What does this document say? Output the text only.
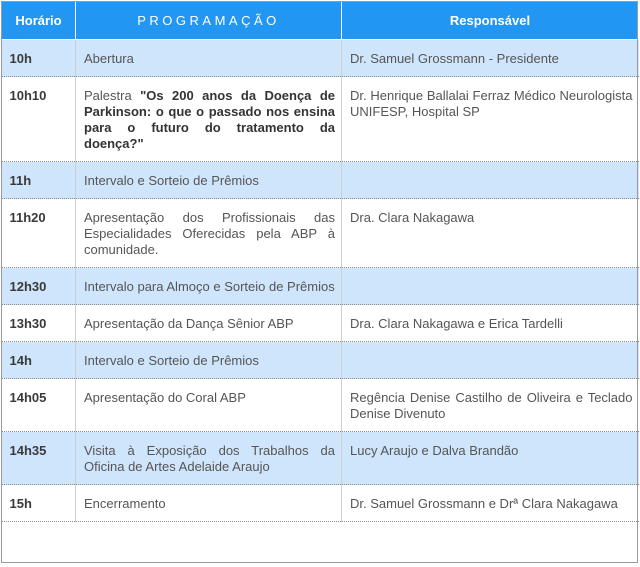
Horário	PROGRAMAÇÃO	Responsável
10h	Abertura	Dr. Samuel Grossmann - Presidente
10h10	Palestra "Os 200 anos da Doença de Parkinson: o que o passado nos ensina para o futuro do tratamento da doença?"	Dr. Henrique Ballalai Ferraz Médico Neurologista UNIFESP, Hospital SP
11h	Intervalo e Sorteio de Prêmios	
11h20	Apresentação dos Profissionais das Especialidades Oferecidas pela ABP à comunidade.	Dra. Clara Nakagawa
12h30	Intervalo para Almoço e Sorteio de Prêmios	
13h30	Apresentação da Dança Sênior ABP	Dra. Clara Nakagawa e Erica Tardelli
14h	Intervalo e Sorteio de Prêmios	
14h05	Apresentação do Coral ABP	Regência Denise Castilho de Oliveira e Teclado Denise Divenuto
14h35	Visita à Exposição dos Trabalhos da Oficina de Artes Adelaide Araujo	Lucy Araujo e Dalva Brandão
15h	Encerramento	Dr. Samuel Grossmann e Drª Clara Nakagawa
